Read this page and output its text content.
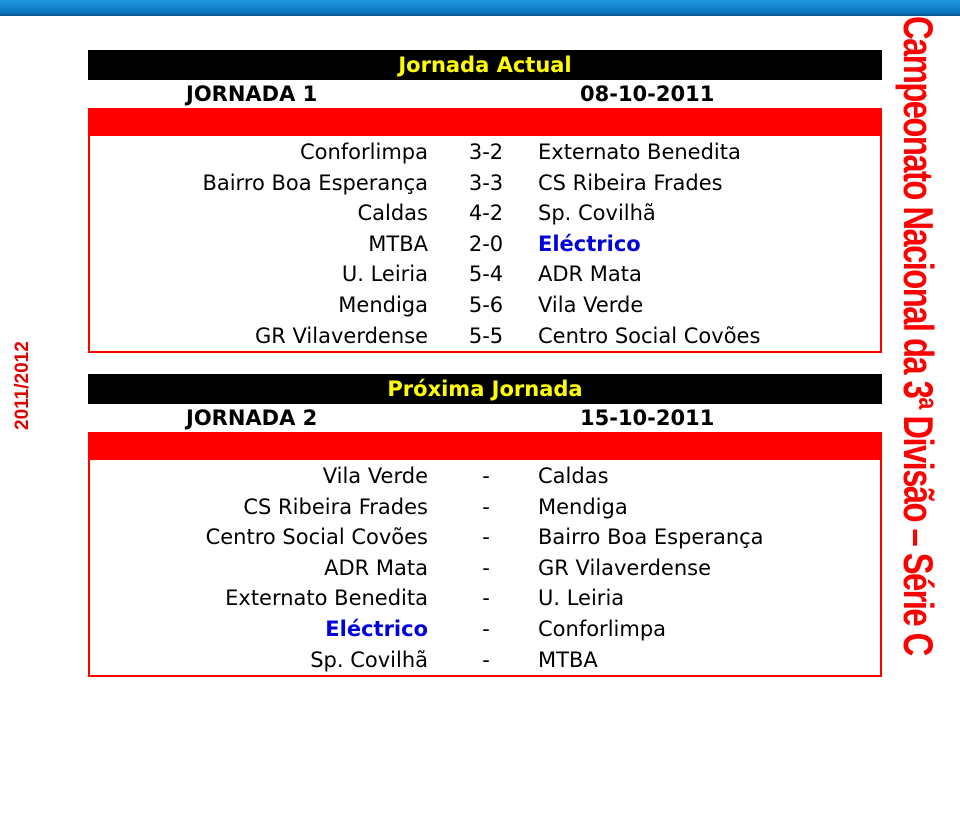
Campeonato Nacional da 3ª Divisão – Série C
2011/2012
Jornada Actual
JORNADA 1	08-10-2011
Conforlimpa	3-2	Externato Benedita
Bairro Boa Esperança	3-3	CS Ribeira Frades
Caldas	4-2	Sp. Covilhã
MTBA	2-0	Eléctrico
U. Leiria	5-4	ADR Mata
Mendiga	5-6	Vila Verde
GR Vilaverdense	5-5	Centro Social Covões
Próxima Jornada
JORNADA 2	15-10-2011
Vila Verde	-	Caldas
CS Ribeira Frades	-	Mendiga
Centro Social Covões	-	Bairro Boa Esperança
ADR Mata	-	GR Vilaverdense
Externato Benedita	-	U. Leiria
Eléctrico	-	Conforlimpa
Sp. Covilhã	-	MTBA
